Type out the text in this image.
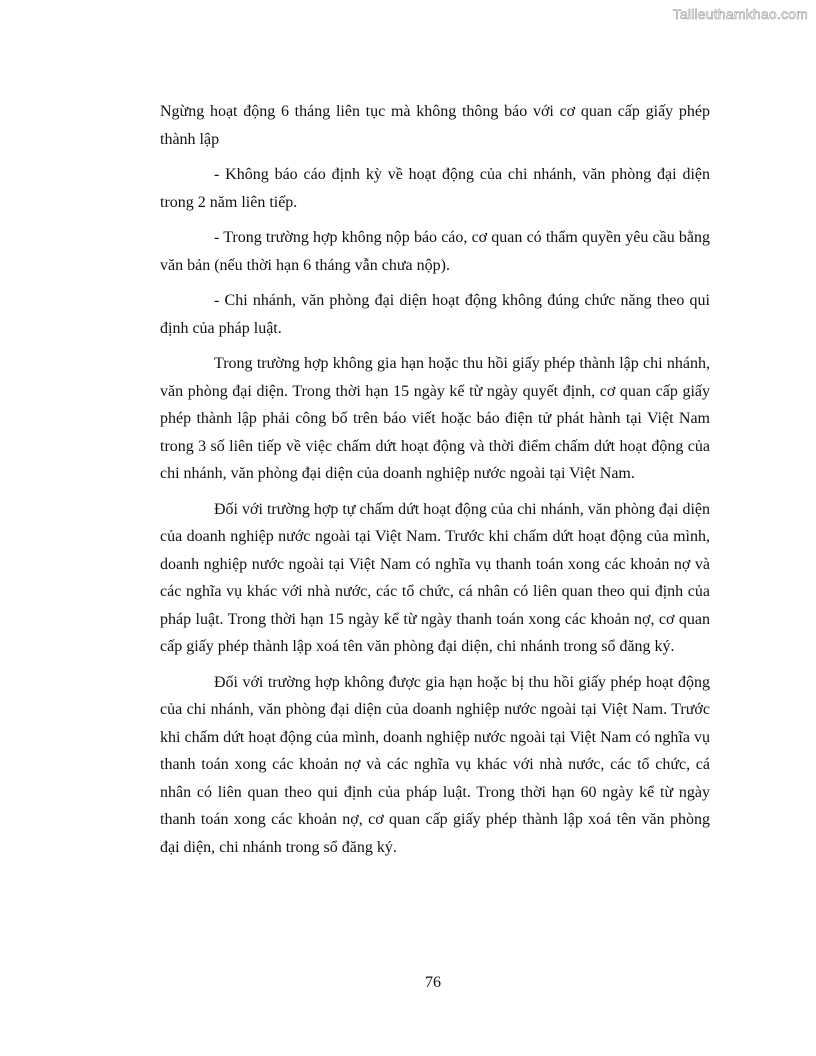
Tailieuthamkhao.com

Ngừng hoạt động 6 tháng liên tục mà không thông báo với cơ quan cấp giấy phép thành lập

- Không báo cáo định kỳ về hoạt động của chi nhánh, văn phòng đại diện trong 2 năm liên tiếp.

- Trong trường hợp không nộp báo cáo, cơ quan có thẩm quyền yêu cầu bằng văn bản (nếu thời hạn 6 tháng vẫn chưa nộp).

- Chi nhánh, văn phòng đại diện hoạt động không đúng chức năng theo qui định của pháp luật.

Trong trường hợp không gia hạn hoặc thu hồi giấy phép thành lập chi nhánh, văn phòng đại diện. Trong thời hạn 15 ngày kể từ ngày quyết định, cơ quan cấp giấy phép thành lập phải công bố trên báo viết hoặc báo điện tử phát hành tại Việt Nam trong 3 số liên tiếp về việc chấm dứt hoạt động và thời điểm chấm dứt hoạt động của chi nhánh, văn phòng đại diện của doanh nghiệp nước ngoài tại Việt Nam.

Đối với trường hợp tự chấm dứt hoạt động của chi nhánh, văn phòng đại diện của doanh nghiệp nước ngoài tại Việt Nam. Trước khi chấm dứt hoạt động của mình, doanh nghiệp nước ngoài tại Việt Nam có nghĩa vụ thanh toán xong các khoản nợ và các nghĩa vụ khác với nhà nước, các tổ chức, cá nhân có liên quan theo qui định của pháp luật. Trong thời hạn 15 ngày kể từ ngày thanh toán xong các khoản nợ, cơ quan cấp giấy phép thành lập xoá tên văn phòng đại diện, chi nhánh trong sổ đăng ký.

Đối với trường hợp không được gia hạn hoặc bị thu hồi giấy phép hoạt động của chi nhánh, văn phòng đại diện của doanh nghiệp nước ngoài tại Việt Nam. Trước khi chấm dứt hoạt động của mình, doanh nghiệp nước ngoài tại Việt Nam có nghĩa vụ thanh toán xong các khoản nợ và các nghĩa vụ khác với nhà nước, các tổ chức, cá nhân có liên quan theo qui định của pháp luật. Trong thời hạn 60 ngày kể từ ngày thanh toán xong các khoản nợ, cơ quan cấp giấy phép thành lập xoá tên văn phòng đại diện, chi nhánh trong sổ đăng ký.

76
